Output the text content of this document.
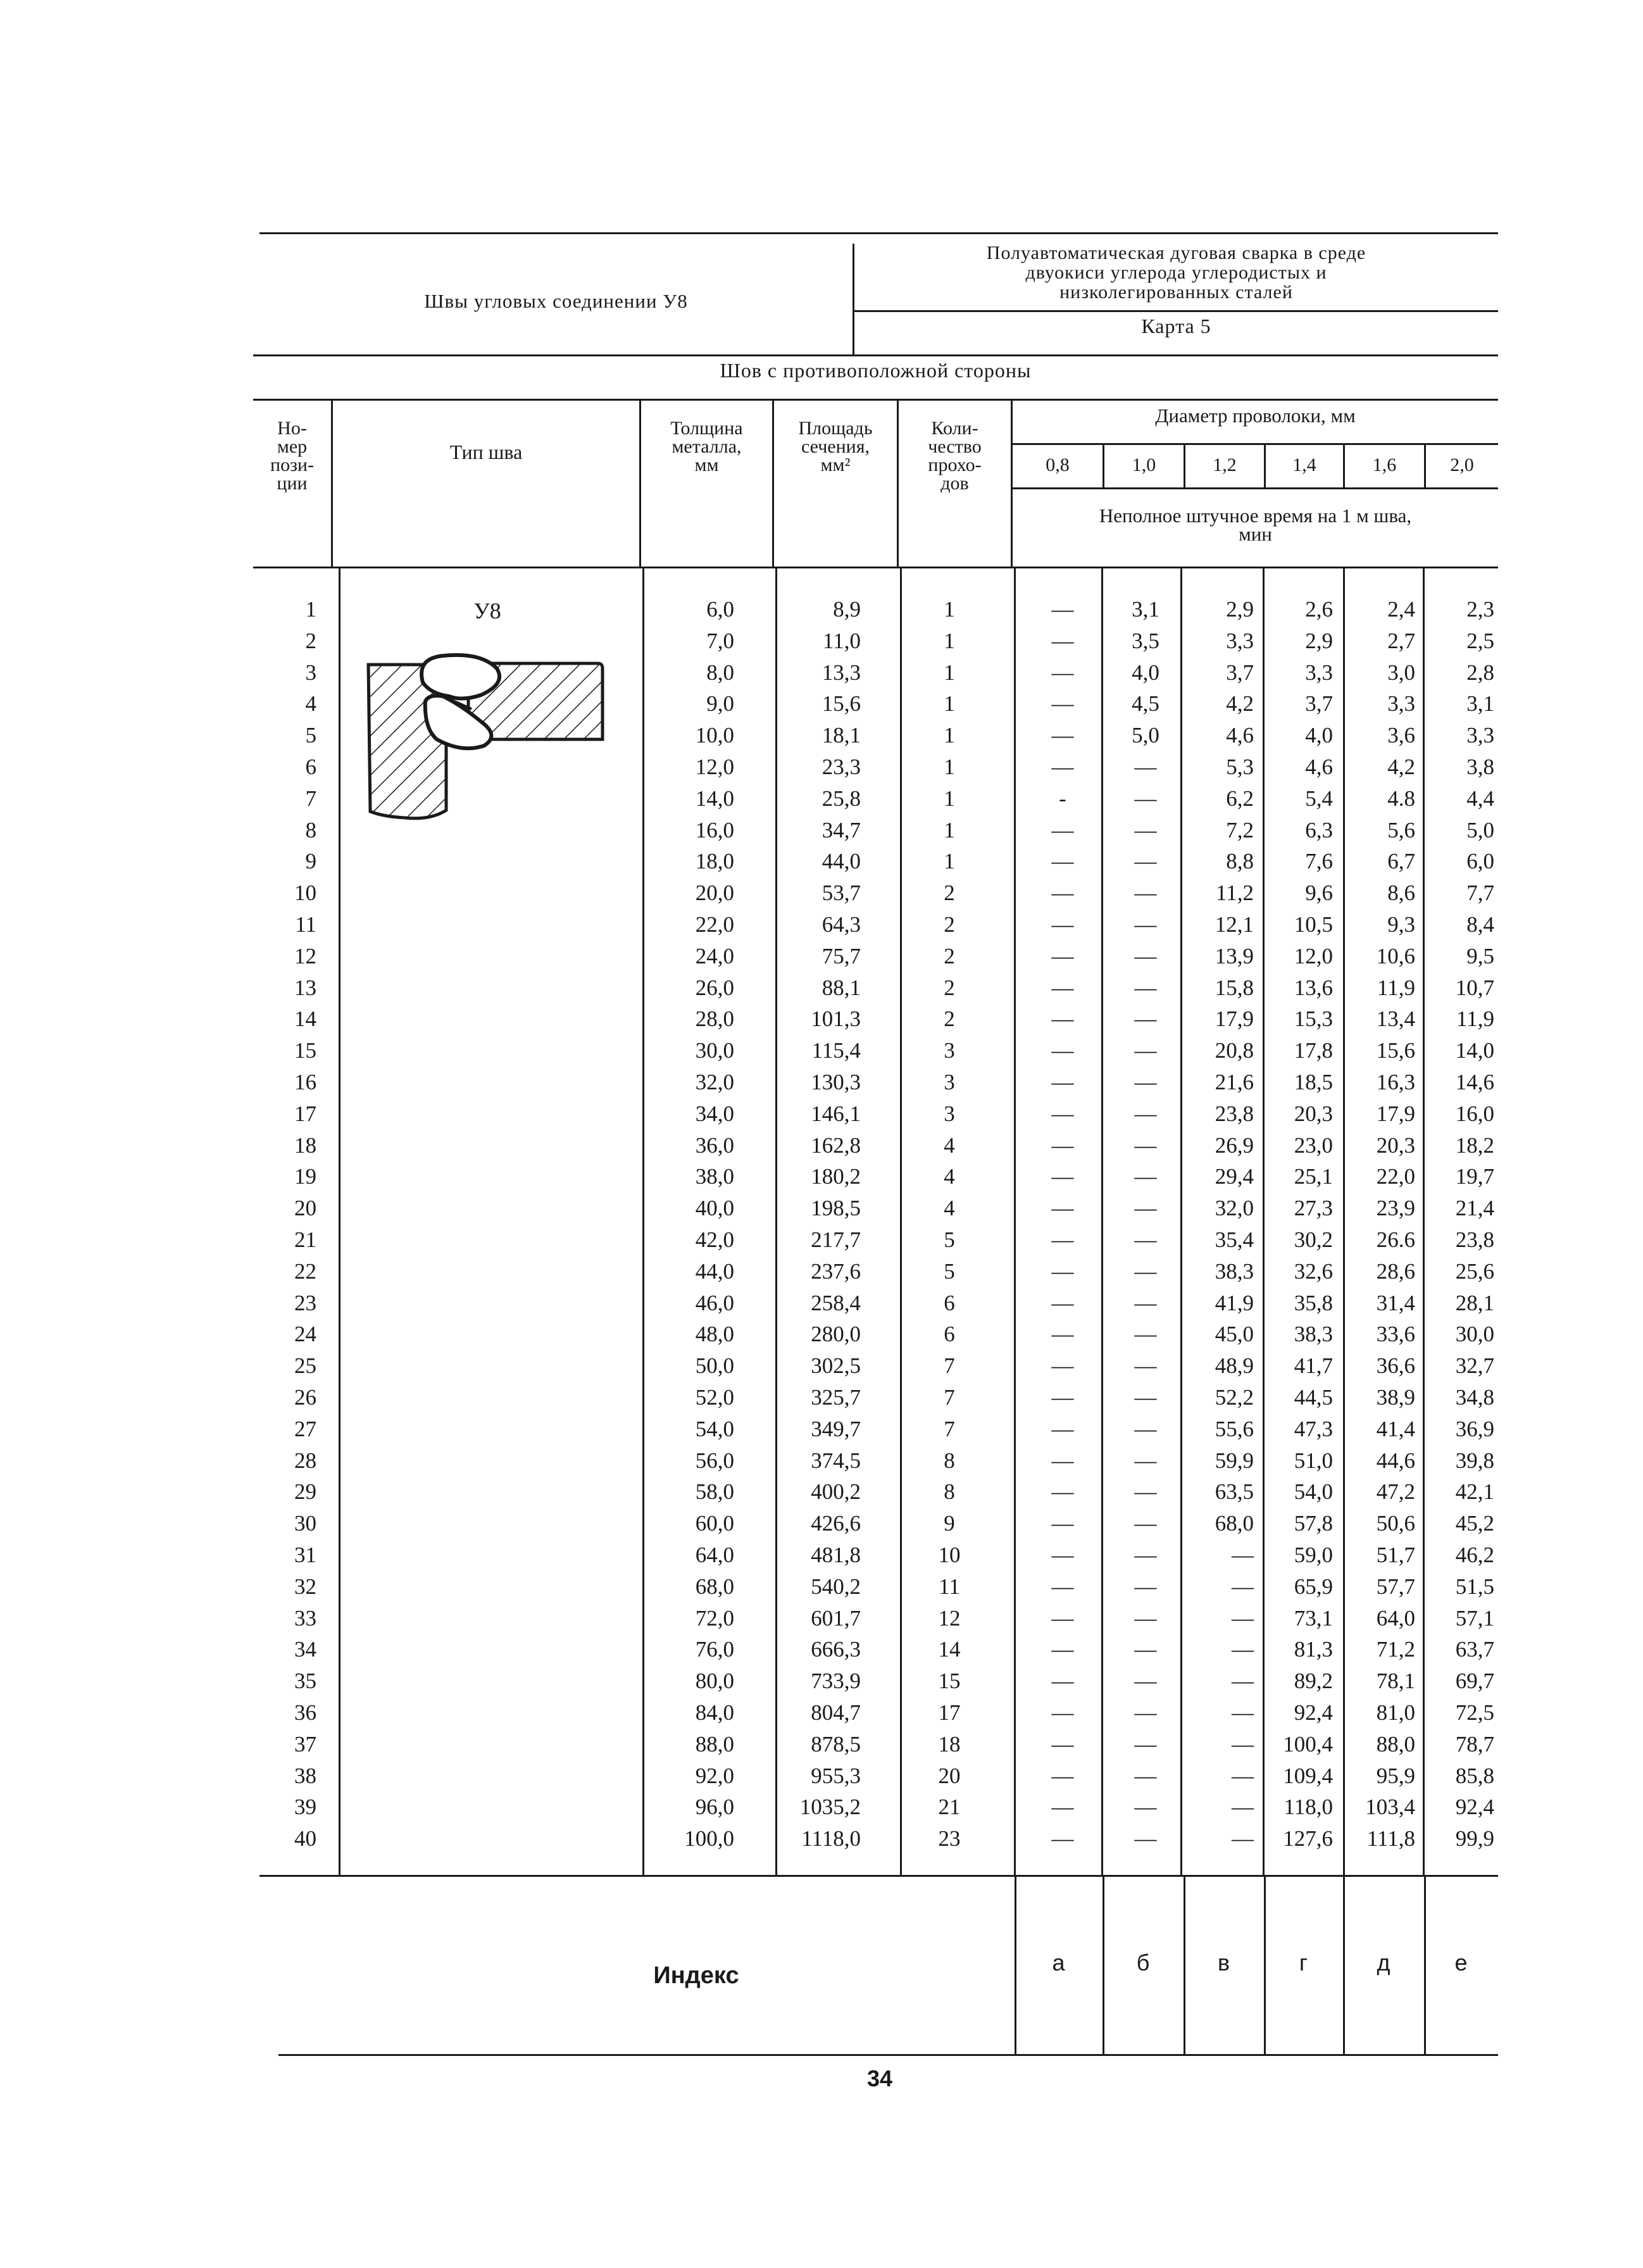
Швы угловых соединении У8
Полуавтоматическая дуговая сварка в среде
двуокиси углерода углеродистых и
низколегированных сталей
Карта 5
Шов с противоположной стороны
Но-
мер
пози-
ции
Тип шва
Толщина
металла,
мм
Площадь
сечения,
мм²
Коли-
чество
прохо-
дов
Диаметр проволоки, мм
0,8	1,0	1,2	1,4	1,6	2,0
Неполное штучное время на 1 м шва,
мин
1	6,0	8,9	1	—	3,1	2,9	2,6	2,4	2,3
2	7,0	11,0	1	—	3,5	3,3	2,9	2,7	2,5
3	8,0	13,3	1	—	4,0	3,7	3,3	3,0	2,8
4	9,0	15,6	1	—	4,5	4,2	3,7	3,3	3,1
5	10,0	18,1	1	—	5,0	4,6	4,0	3,6	3,3
6	12,0	23,3	1	—	—	5,3	4,6	4,2	3,8
7	14,0	25,8	1	-	—	6,2	5,4	4.8	4,4
8	16,0	34,7	1	—	—	7,2	6,3	5,6	5,0
9	18,0	44,0	1	—	—	8,8	7,6	6,7	6,0
10	20,0	53,7	2	—	—	11,2	9,6	8,6	7,7
11	22,0	64,3	2	—	—	12,1	10,5	9,3	8,4
12	24,0	75,7	2	—	—	13,9	12,0	10,6	9,5
13	26,0	88,1	2	—	—	15,8	13,6	11,9	10,7
14	28,0	101,3	2	—	—	17,9	15,3	13,4	11,9
15	30,0	115,4	3	—	—	20,8	17,8	15,6	14,0
16	32,0	130,3	3	—	—	21,6	18,5	16,3	14,6
17	34,0	146,1	3	—	—	23,8	20,3	17,9	16,0
18	36,0	162,8	4	—	—	26,9	23,0	20,3	18,2
19	38,0	180,2	4	—	—	29,4	25,1	22,0	19,7
20	40,0	198,5	4	—	—	32,0	27,3	23,9	21,4
21	42,0	217,7	5	—	—	35,4	30,2	26.6	23,8
22	44,0	237,6	5	—	—	38,3	32,6	28,6	25,6
23	46,0	258,4	6	—	—	41,9	35,8	31,4	28,1
24	48,0	280,0	6	—	—	45,0	38,3	33,6	30,0
25	50,0	302,5	7	—	—	48,9	41,7	36,6	32,7
26	52,0	325,7	7	—	—	52,2	44,5	38,9	34,8
27	54,0	349,7	7	—	—	55,6	47,3	41,4	36,9
28	56,0	374,5	8	—	—	59,9	51,0	44,6	39,8
29	58,0	400,2	8	—	—	63,5	54,0	47,2	42,1
30	60,0	426,6	9	—	—	68,0	57,8	50,6	45,2
31	64,0	481,8	10	—	—	—	59,0	51,7	46,2
32	68,0	540,2	11	—	—	—	65,9	57,7	51,5
33	72,0	601,7	12	—	—	—	73,1	64,0	57,1
34	76,0	666,3	14	—	—	—	81,3	71,2	63,7
35	80,0	733,9	15	—	—	—	89,2	78,1	69,7
36	84,0	804,7	17	—	—	—	92,4	81,0	72,5
37	88,0	878,5	18	—	—	—	100,4	88,0	78,7
38	92,0	955,3	20	—	—	—	109,4	95,9	85,8
39	96,0	1035,2	21	—	—	—	118,0	103,4	92,4
40	100,0	1118,0	23	—	—	—	127,6	111,8	99,9
У8
Индекс	а	б	в	г	д	е
34
